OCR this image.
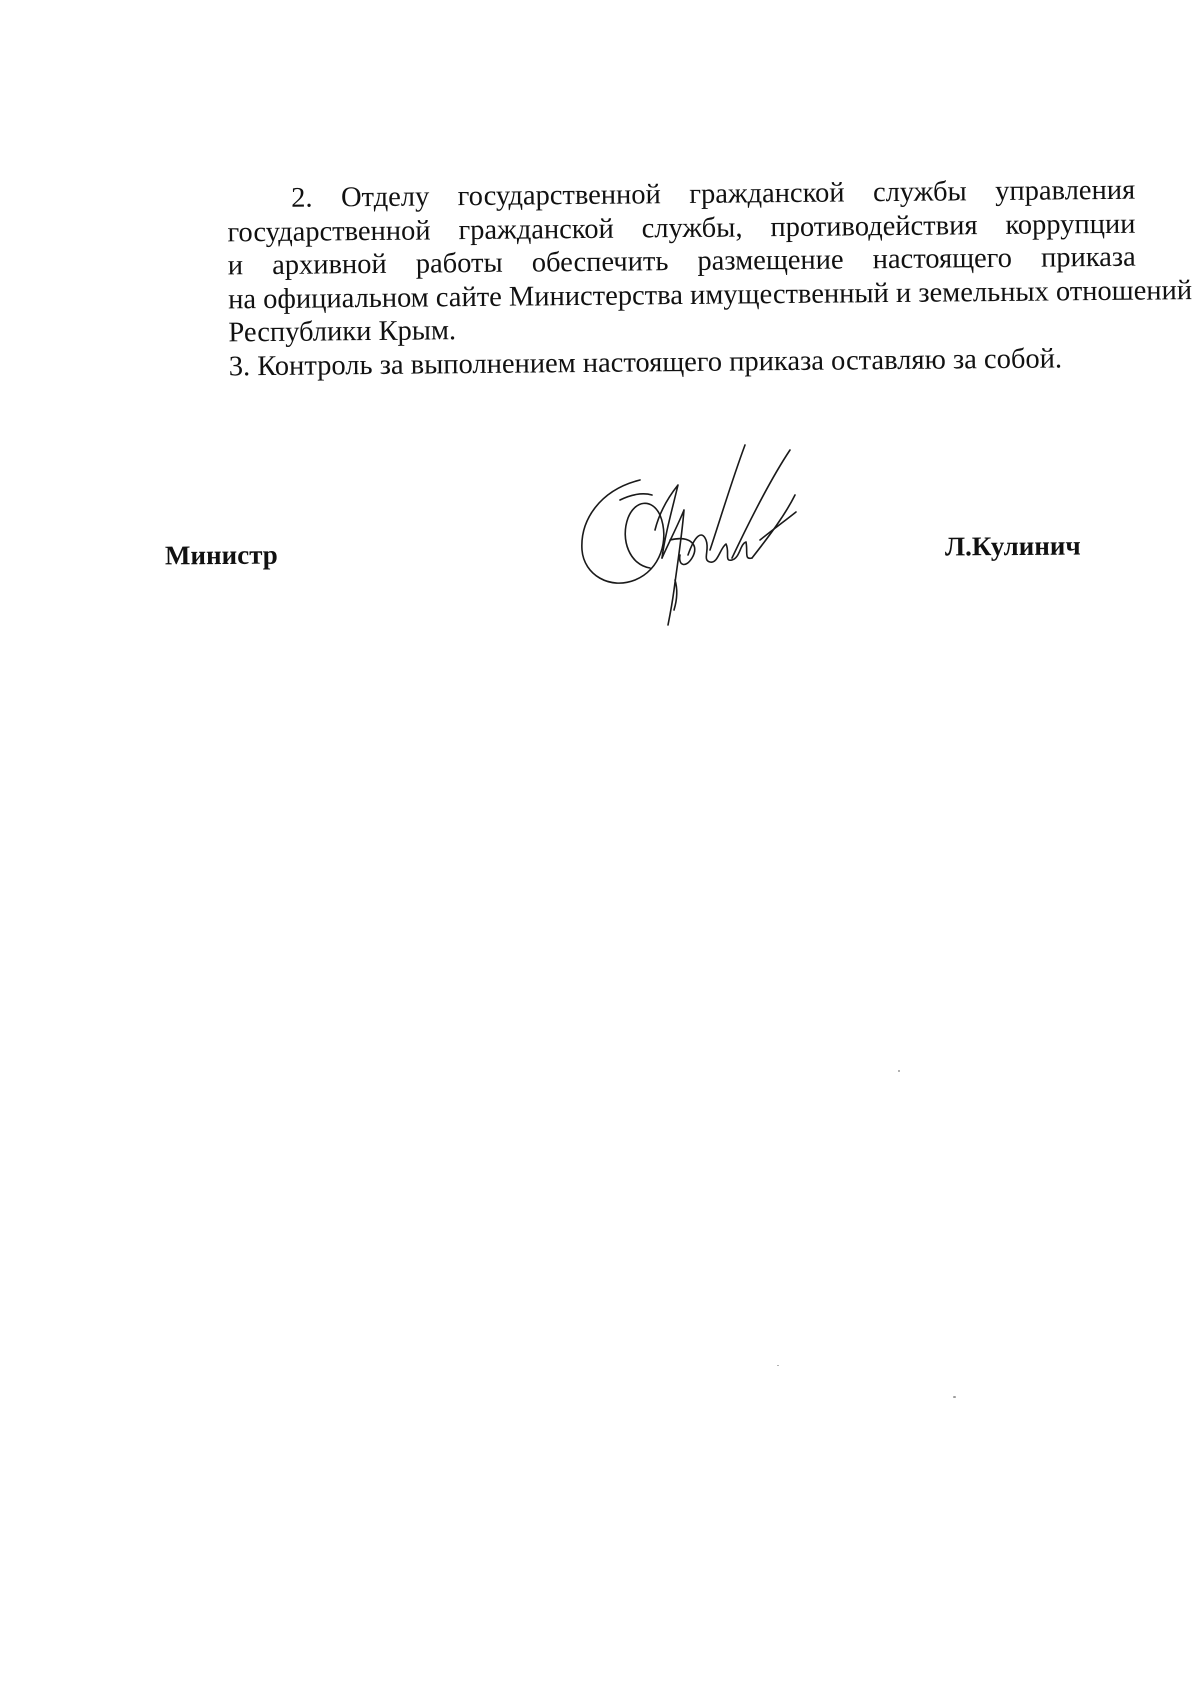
2. Отделу государственной гражданской службы управления
государственной гражданской службы, противодействия коррупции
и архивной работы обеспечить размещение настоящего приказа
на официальном сайте Министерства имущественный и земельных отношений
Республики Крым.

3. Контроль за выполнением настоящего приказа оставляю за собой.

Министр	Л.Кулинич
